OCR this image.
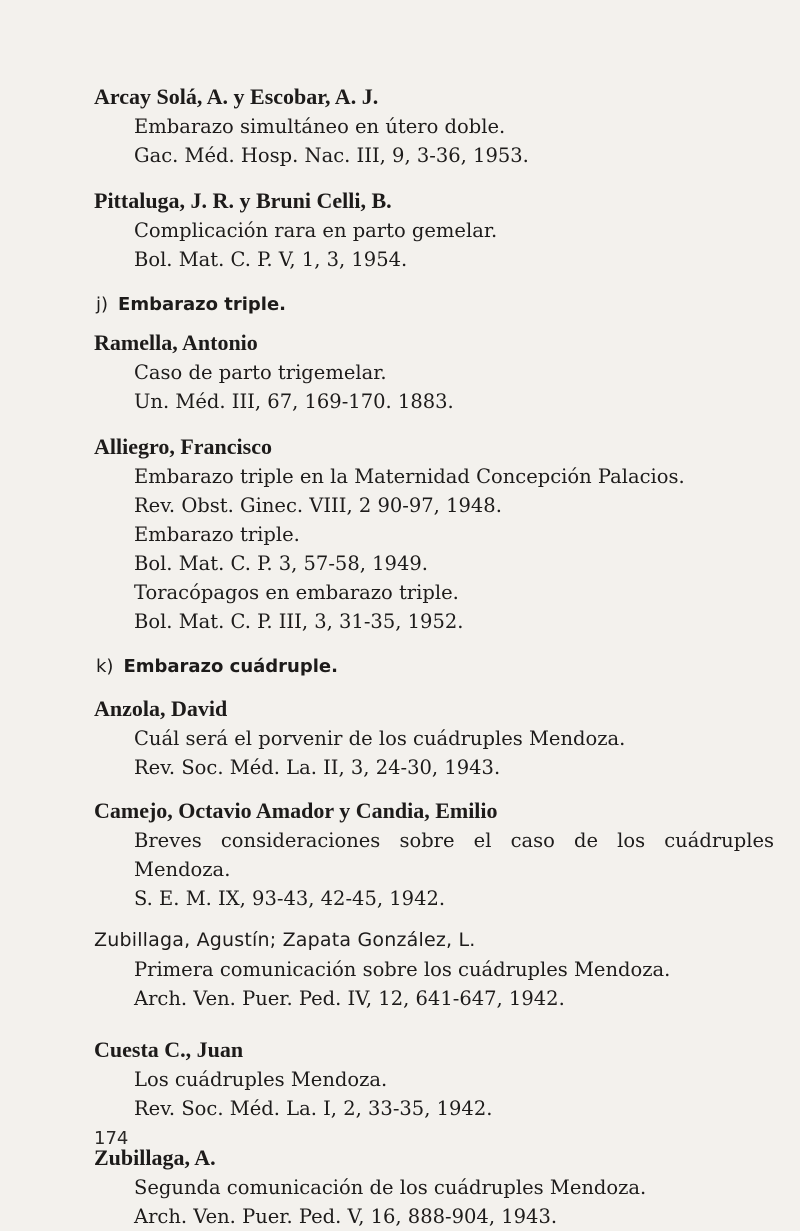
Arcay Solá, A. y Escobar, A. J.
Embarazo simultáneo en útero doble.
Gac. Méd. Hosp. Nac. III, 9, 3-36, 1953.
Pittaluga, J. R. y Bruni Celli, B.
Complicación rara en parto gemelar.
Bol. Mat. C. P. V, 1, 3, 1954.
j) Embarazo triple.
Ramella, Antonio
Caso de parto trigemelar.
Un. Méd. III, 67, 169-170. 1883.
Alliegro, Francisco
Embarazo triple en la Maternidad Concepción Palacios.
Rev. Obst. Ginec. VIII, 2 90-97, 1948.
Embarazo triple.
Bol. Mat. C. P. 3, 57-58, 1949.
Toracópagos en embarazo triple.
Bol. Mat. C. P. III, 3, 31-35, 1952.
k) Embarazo cuádruple.
Anzola, David
Cuál será el porvenir de los cuádruples Mendoza.
Rev. Soc. Méd. La. II, 3, 24-30, 1943.
Camejo, Octavio Amador y Candia, Emilio
Breves consideraciones sobre el caso de los cuádruples
Mendoza.
S. E. M. IX, 93-43, 42-45, 1942.
Zubillaga, Agustín; Zapata González, L.
Primera comunicación sobre los cuádruples Mendoza.
Arch. Ven. Puer. Ped. IV, 12, 641-647, 1942.
Cuesta C., Juan
Los cuádruples Mendoza.
Rev. Soc. Méd. La. I, 2, 33-35, 1942.
Zubillaga, A.
Segunda comunicación de los cuádruples Mendoza.
Arch. Ven. Puer. Ped. V, 16, 888-904, 1943.
174
